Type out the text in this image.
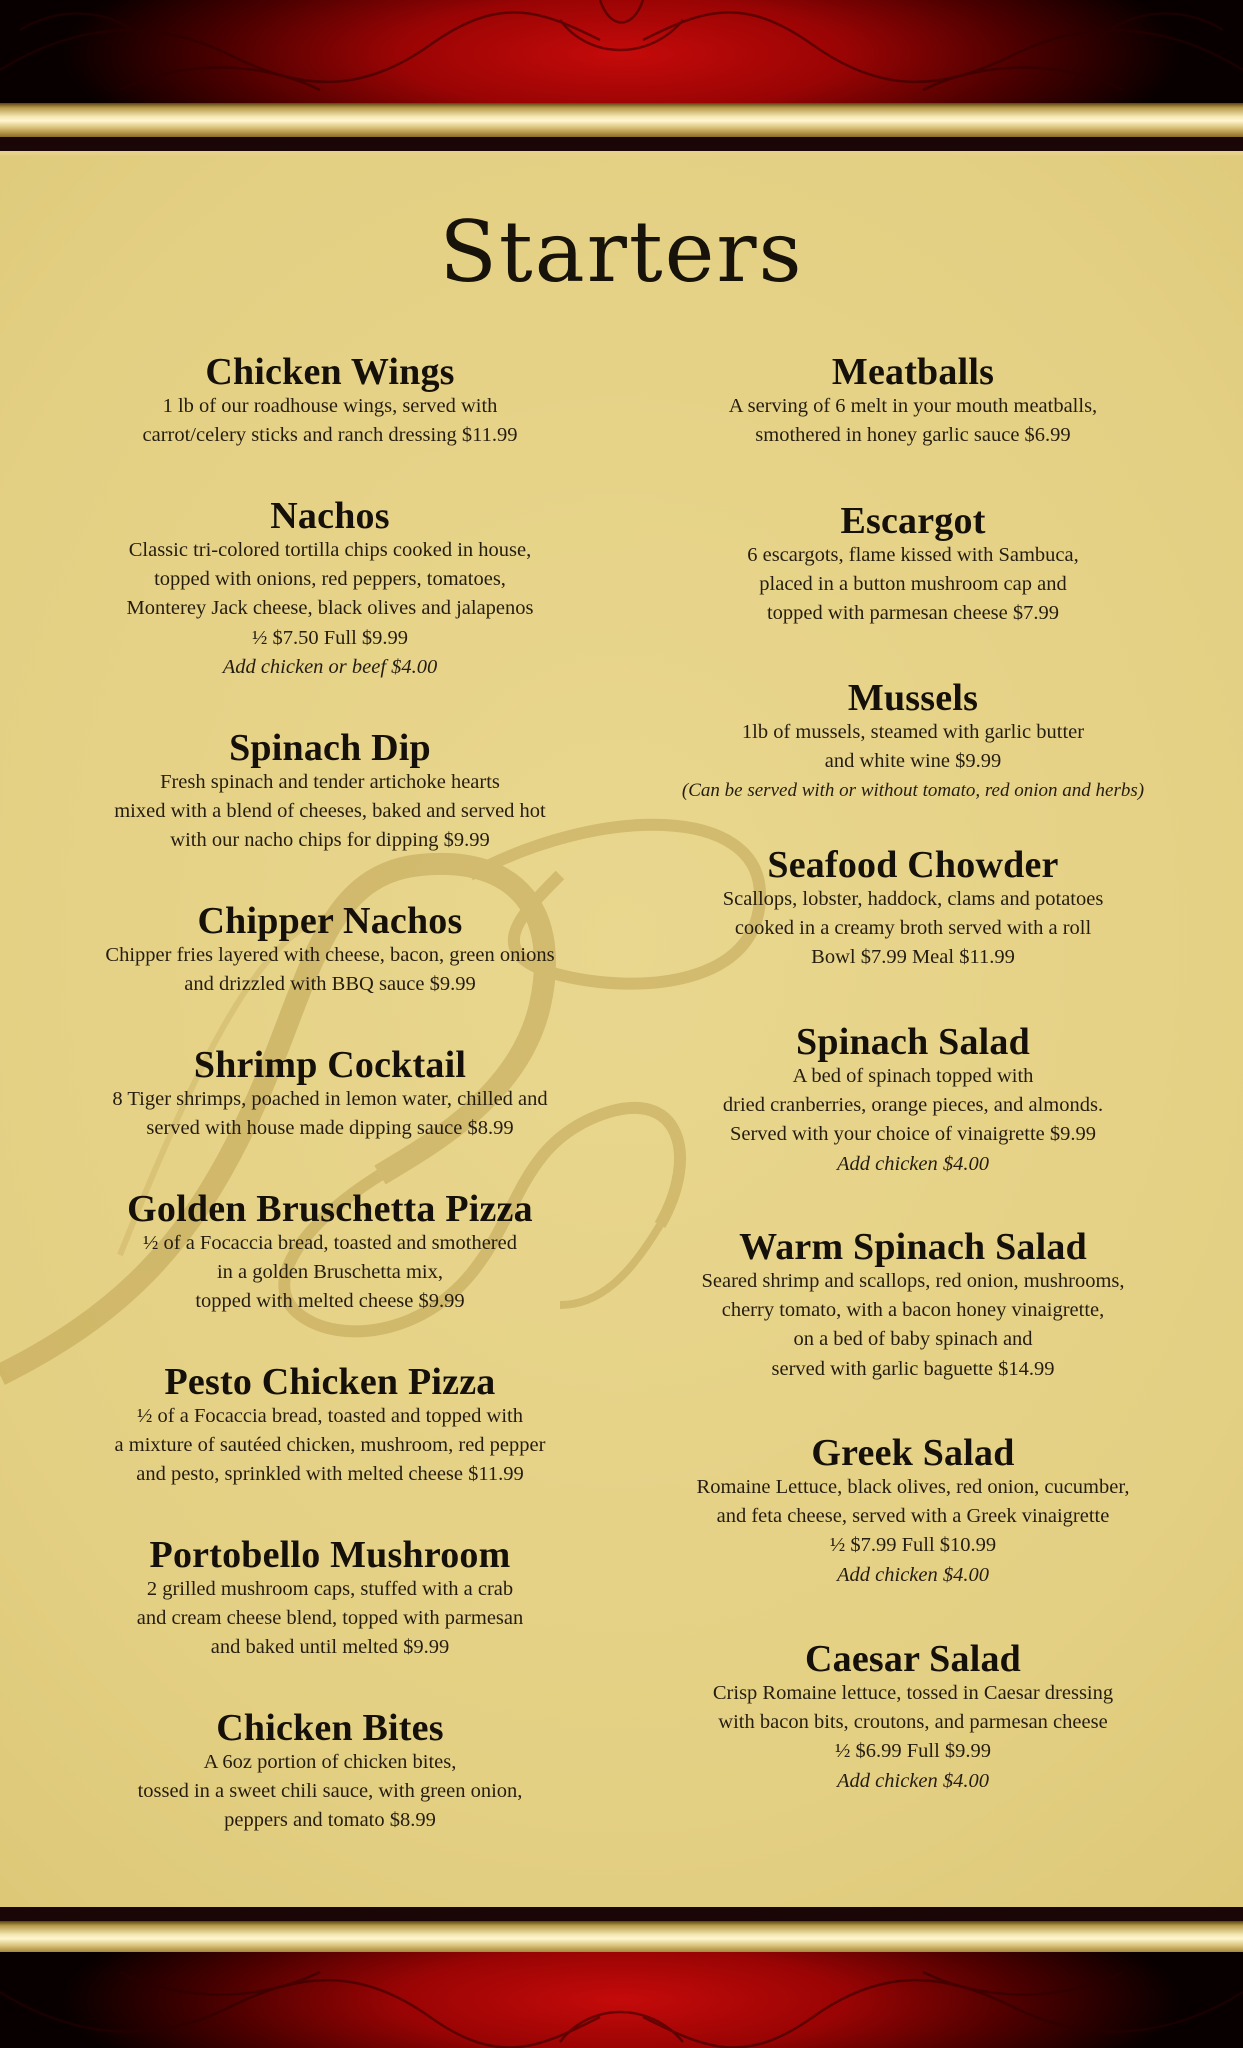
Starters
Chicken Wings

1 lb of our roadhouse wings, served with

carrot/celery sticks and ranch dressing $11.99

Nachos

Classic tri-colored tortilla chips cooked in house,

topped with onions, red peppers, tomatoes,

Monterey Jack cheese, black olives and jalapenos

½ $7.50 Full $9.99

Add chicken or beef $4.00

Spinach Dip

Fresh spinach and tender artichoke hearts

mixed with a blend of cheeses, baked and served hot

with our nacho chips for dipping $9.99

Chipper Nachos

Chipper fries layered with cheese, bacon, green onions

and drizzled with BBQ sauce $9.99

Shrimp Cocktail

8 Tiger shrimps, poached in lemon water, chilled and

served with house made dipping sauce $8.99

Golden Bruschetta Pizza

½ of a Focaccia bread, toasted and smothered

in a golden Bruschetta mix,

topped with melted cheese $9.99

Pesto Chicken Pizza

½ of a Focaccia bread, toasted and topped with

a mixture of sautéed chicken, mushroom, red pepper

and pesto, sprinkled with melted cheese $11.99

Portobello Mushroom

2 grilled mushroom caps, stuffed with a crab

and cream cheese blend, topped with parmesan

and baked until melted $9.99

Chicken Bites

A 6oz portion of chicken bites,

tossed in a sweet chili sauce, with green onion,

peppers and tomato $8.99

Meatballs

A serving of 6 melt in your mouth meatballs,

smothered in honey garlic sauce $6.99

Escargot

6 escargots, flame kissed with Sambuca,

placed in a button mushroom cap and

topped with parmesan cheese $7.99

Mussels

1lb of mussels, steamed with garlic butter

and white wine $9.99

(Can be served with or without tomato, red onion and herbs)

Seafood Chowder

Scallops, lobster, haddock, clams and potatoes

cooked in a creamy broth served with a roll

Bowl $7.99 Meal $11.99

Spinach Salad

A bed of spinach topped with

dried cranberries, orange pieces, and almonds.

Served with your choice of vinaigrette $9.99

Add chicken $4.00

Warm Spinach Salad

Seared shrimp and scallops, red onion, mushrooms,

cherry tomato, with a bacon honey vinaigrette,

on a bed of baby spinach and

served with garlic baguette $14.99

Greek Salad

Romaine Lettuce, black olives, red onion, cucumber,

and feta cheese, served with a Greek vinaigrette

½ $7.99 Full $10.99

Add chicken $4.00

Caesar Salad

Crisp Romaine lettuce, tossed in Caesar dressing

with bacon bits, croutons, and parmesan cheese

½ $6.99 Full $9.99

Add chicken $4.00
